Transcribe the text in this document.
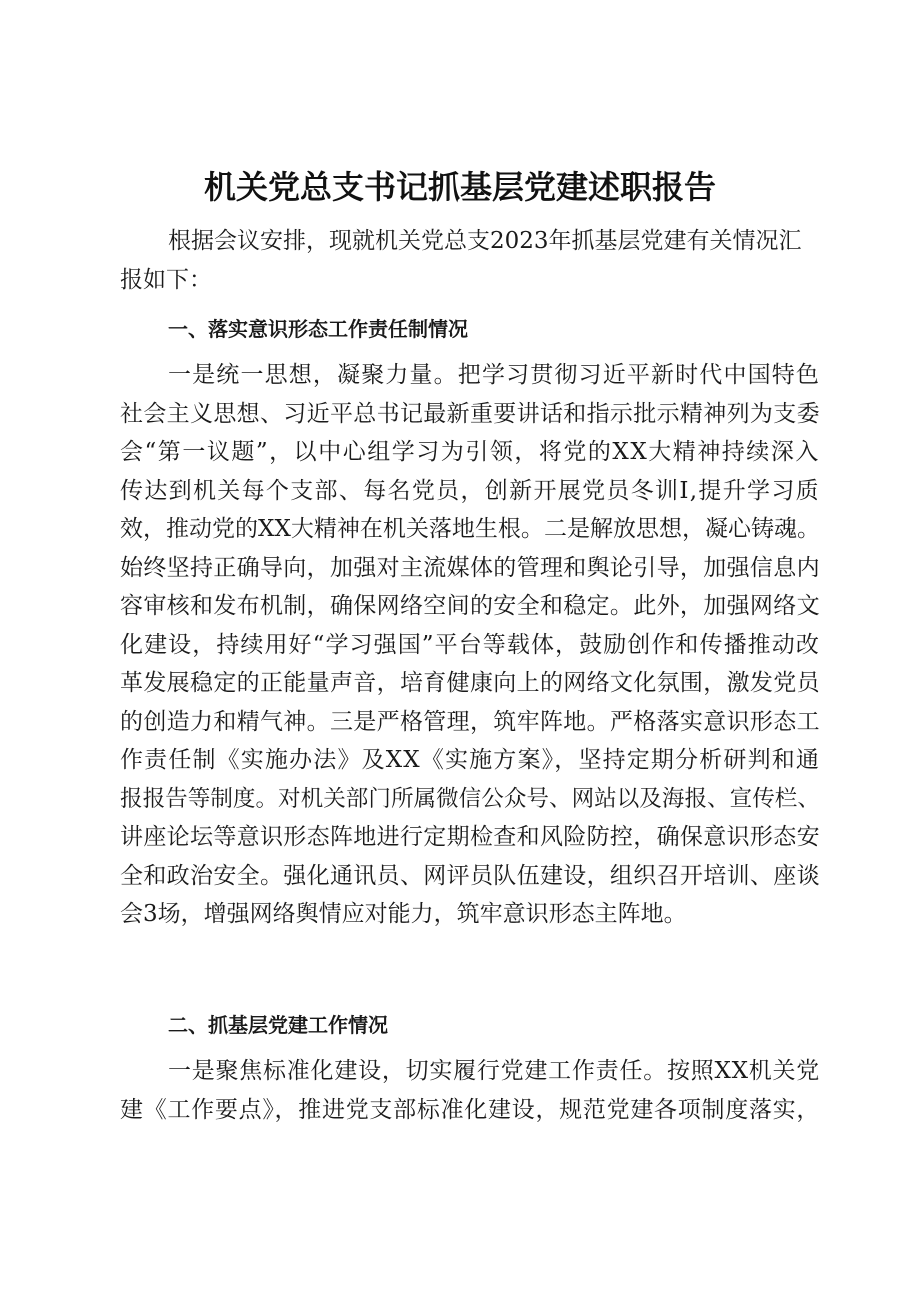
机关党总支书记抓基层党建述职报告
根据会议安排，现就机关党总支2023年抓基层党建有关情况汇
报如下：
一、落实意识形态工作责任制情况
一是统一思想，凝聚力量。把学习贯彻习近平新时代中国特色
社会主义思想、习近平总书记最新重要讲话和指示批示精神列为支委
会“第一议题”，以中心组学习为引领，将党的XX大精神持续深入
传达到机关每个支部、每名党员，创新开展党员冬训I,提升学习质
效，推动党的XX大精神在机关落地生根。二是解放思想，凝心铸魂。
始终坚持正确导向，加强对主流媒体的管理和舆论引导，加强信息内
容审核和发布机制，确保网络空间的安全和稳定。此外，加强网络文
化建设，持续用好“学习强国”平台等载体，鼓励创作和传播推动改
革发展稳定的正能量声音，培育健康向上的网络文化氛围，激发党员
的创造力和精气神。三是严格管理，筑牢阵地。严格落实意识形态工
作责任制《实施办法》及XX《实施方案》，坚持定期分析研判和通
报报告等制度。对机关部门所属微信公众号、网站以及海报、宣传栏、
讲座论坛等意识形态阵地进行定期检查和风险防控，确保意识形态安
全和政治安全。强化通讯员、网评员队伍建设，组织召开培训、座谈
会3场，增强网络舆情应对能力，筑牢意识形态主阵地。
二、抓基层党建工作情况
一是聚焦标准化建设，切实履行党建工作责任。按照XX机关党
建《工作要点》，推进党支部标准化建设，规范党建各项制度落实，
